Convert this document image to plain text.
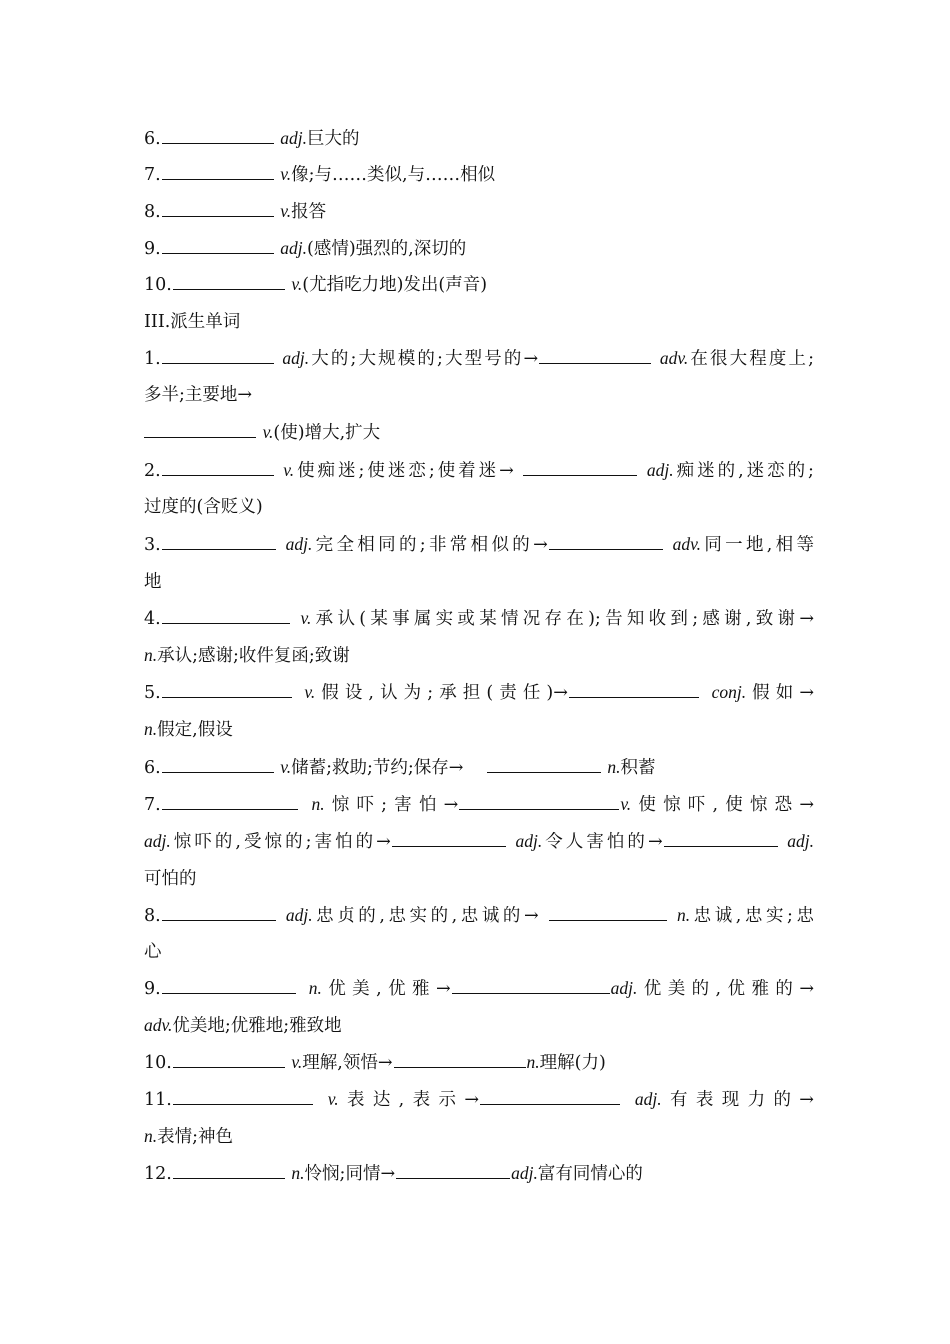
6.	adj.巨大的
7.	v.像;与……类似,与……相似
8.	v.报答
9.	adj.(感情)强烈的,深切的
10.	v.(尤指吃力地)发出(声音)
III.派生单词
1.	adj.大的;大规模的;大型号的→	adv.在很大程度上;
多半;主要地→
v.(使)增大,扩大
2.	v.使痴迷;使迷恋;使着迷→	adj.痴迷的,迷恋的;
过度的(含贬义)
3.	adj.完全相同的;非常相似的→	adv.同一地,相等
地
4.	v.承认(某事属实或某情况存在);告知收到;感谢,致谢→
n.承认;感谢;收件复函;致谢
5.	v.假设,认为;承担(责任)→	conj.假如→
n.假定,假设
6.	v.储蓄;救助;节约;保存→	n.积蓄
7.	n.惊吓;害怕→	v.使惊吓,使惊恐→
adj.惊吓的,受惊的;害怕的→	adj.令人害怕的→	adj.
可怕的
8.	adj.忠贞的,忠实的,忠诚的→	n.忠诚,忠实;忠
心
9.	n.优美,优雅→	adj.优美的,优雅的→
adv.优美地;优雅地;雅致地
10.	v.理解,领悟→	n.理解(力)
11.	v.表达,表示→	adj.有表现力的→
n.表情;神色
12.	n.怜悯;同情→	adj.富有同情心的
